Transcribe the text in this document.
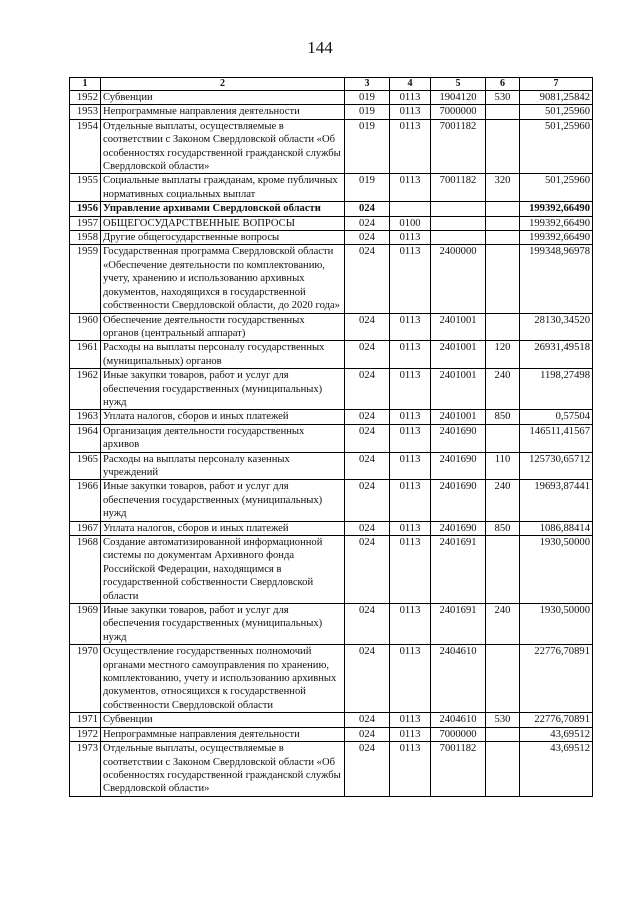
144
1	2	3	4	5	6	7
1952	Субвенции	019	0113	1904120	530	9081,25842
1953	Непрограммные направления деятельности	019	0113	7000000		501,25960
1954	Отдельные выплаты, осуществляемые в соответствии с Законом Свердловской области «Об особенностях государственной гражданской службы Свердловской области»	019	0113	7001182		501,25960
1955	Социальные выплаты гражданам, кроме публичных нормативных социальных выплат	019	0113	7001182	320	501,25960
1956	Управление архивами Свердловской области	024				199392,66490
1957	ОБЩЕГОСУДАРСТВЕННЫЕ ВОПРОСЫ	024	0100			199392,66490
1958	Другие общегосударственные вопросы	024	0113			199392,66490
1959	Государственная программа Свердловской области «Обеспечение деятельности по комплектованию, учету, хранению и использованию архивных документов, находящихся в государственной собственности Свердловской области, до 2020 года»	024	0113	2400000		199348,96978
1960	Обеспечение деятельности государственных органов (центральный аппарат)	024	0113	2401001		28130,34520
1961	Расходы на выплаты персоналу государственных (муниципальных) органов	024	0113	2401001	120	26931,49518
1962	Иные закупки товаров, работ и услуг для обеспечения государственных (муниципальных) нужд	024	0113	2401001	240	1198,27498
1963	Уплата налогов, сборов и иных платежей	024	0113	2401001	850	0,57504
1964	Организация деятельности государственных архивов	024	0113	2401690		146511,41567
1965	Расходы на выплаты персоналу казенных учреждений	024	0113	2401690	110	125730,65712
1966	Иные закупки товаров, работ и услуг для обеспечения государственных (муниципальных) нужд	024	0113	2401690	240	19693,87441
1967	Уплата налогов, сборов и иных платежей	024	0113	2401690	850	1086,88414
1968	Создание автоматизированной информационной системы по документам Архивного фонда Российской Федерации, находящимся в государственной собственности Свердловской области	024	0113	2401691		1930,50000
1969	Иные закупки товаров, работ и услуг для обеспечения государственных (муниципальных) нужд	024	0113	2401691	240	1930,50000
1970	Осуществление государственных полномочий органами местного самоуправления по хранению, комплектованию, учету и использованию архивных документов, относящихся к государственной собственности Свердловской области	024	0113	2404610		22776,70891
1971	Субвенции	024	0113	2404610	530	22776,70891
1972	Непрограммные направления деятельности	024	0113	7000000		43,69512
1973	Отдельные выплаты, осуществляемые в соответствии с Законом Свердловской области «Об особенностях государственной гражданской службы Свердловской области»	024	0113	7001182		43,69512
